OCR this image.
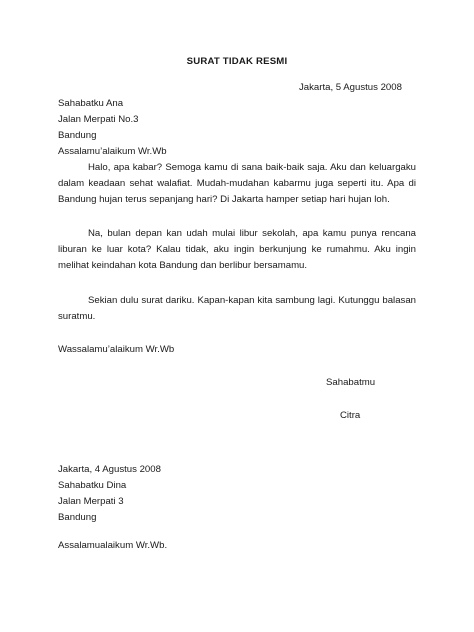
SURAT TIDAK RESMI
Jakarta, 5 Agustus 2008
Sahabatku Ana
Jalan Merpati No.3
Bandung
Assalamu’alaikum Wr.Wb
Halo, apa kabar? Semoga kamu di sana baik-baik saja. Aku dan keluargaku dalam keadaan sehat walafiat. Mudah-mudahan kabarmu juga seperti itu. Apa di Bandung hujan terus sepanjang hari? Di Jakarta hamper setiap hari hujan loh.
Na, bulan depan kan udah mulai libur sekolah, apa kamu punya rencana liburan ke luar kota? Kalau tidak, aku ingin berkunjung ke rumahmu. Aku ingin melihat keindahan kota Bandung dan berlibur bersamamu.
Sekian dulu surat dariku. Kapan-kapan kita sambung lagi. Kutunggu balasan suratmu.
Wassalamu’alaikum Wr.Wb
Sahabatmu
Citra
Jakarta, 4 Agustus 2008
Sahabatku Dina
Jalan Merpati 3
Bandung
Assalamualaikum Wr.Wb.
